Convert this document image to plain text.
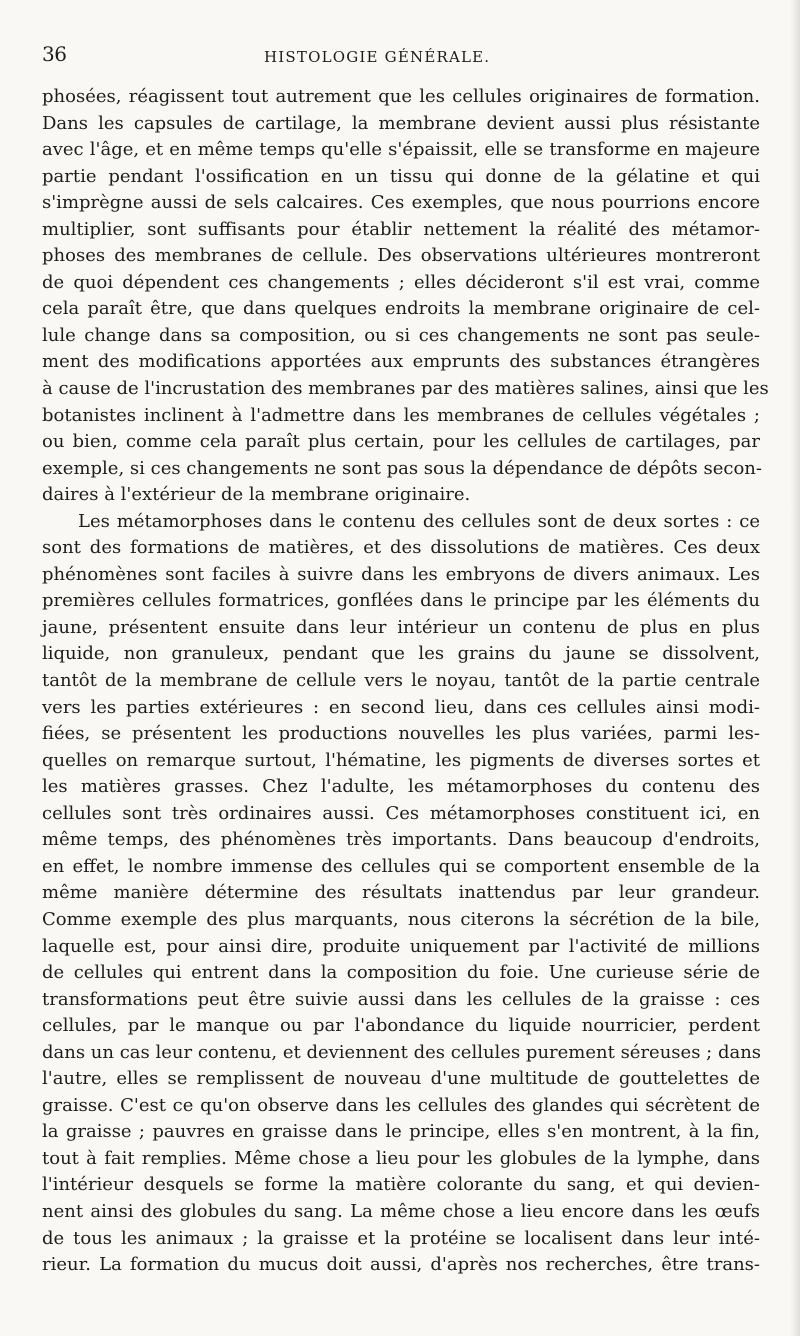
36	HISTOLOGIE GÉNÉRALE.
phosées, réagissent tout autrement que les cellules originaires de formation.
Dans les capsules de cartilage, la membrane devient aussi plus résistante
avec l'âge, et en même temps qu'elle s'épaissit, elle se transforme en majeure
partie pendant l'ossification en un tissu qui donne de la gélatine et qui
s'imprègne aussi de sels calcaires. Ces exemples, que nous pourrions encore
multiplier, sont suffisants pour établir nettement la réalité des métamor-
phoses des membranes de cellule. Des observations ultérieures montreront
de quoi dépendent ces changements ; elles décideront s'il est vrai, comme
cela paraît être, que dans quelques endroits la membrane originaire de cel-
lule change dans sa composition, ou si ces changements ne sont pas seule-
ment des modifications apportées aux emprunts des substances étrangères
à cause de l'incrustation des membranes par des matières salines, ainsi que les
botanistes inclinent à l'admettre dans les membranes de cellules végétales ;
ou bien, comme cela paraît plus certain, pour les cellules de cartilages, par
exemple, si ces changements ne sont pas sous la dépendance de dépôts secon-
daires à l'extérieur de la membrane originaire.
Les métamorphoses dans le contenu des cellules sont de deux sortes : ce
sont des formations de matières, et des dissolutions de matières. Ces deux
phénomènes sont faciles à suivre dans les embryons de divers animaux. Les
premières cellules formatrices, gonflées dans le principe par les éléments du
jaune, présentent ensuite dans leur intérieur un contenu de plus en plus
liquide, non granuleux, pendant que les grains du jaune se dissolvent,
tantôt de la membrane de cellule vers le noyau, tantôt de la partie centrale
vers les parties extérieures : en second lieu, dans ces cellules ainsi modi-
fiées, se présentent les productions nouvelles les plus variées, parmi les-
quelles on remarque surtout, l'hématine, les pigments de diverses sortes et
les matières grasses. Chez l'adulte, les métamorphoses du contenu des
cellules sont très ordinaires aussi. Ces métamorphoses constituent ici, en
même temps, des phénomènes très importants. Dans beaucoup d'endroits,
en effet, le nombre immense des cellules qui se comportent ensemble de la
même manière détermine des résultats inattendus par leur grandeur.
Comme exemple des plus marquants, nous citerons la sécrétion de la bile,
laquelle est, pour ainsi dire, produite uniquement par l'activité de millions
de cellules qui entrent dans la composition du foie. Une curieuse série de
transformations peut être suivie aussi dans les cellules de la graisse : ces
cellules, par le manque ou par l'abondance du liquide nourricier, perdent
dans un cas leur contenu, et deviennent des cellules purement séreuses ; dans
l'autre, elles se remplissent de nouveau d'une multitude de gouttelettes de
graisse. C'est ce qu'on observe dans les cellules des glandes qui sécrètent de
la graisse ; pauvres en graisse dans le principe, elles s'en montrent, à la fin,
tout à fait remplies. Même chose a lieu pour les globules de la lymphe, dans
l'intérieur desquels se forme la matière colorante du sang, et qui devien-
nent ainsi des globules du sang. La même chose a lieu encore dans les œufs
de tous les animaux ; la graisse et la protéine se localisent dans leur inté-
rieur. La formation du mucus doit aussi, d'après nos recherches, être trans-
